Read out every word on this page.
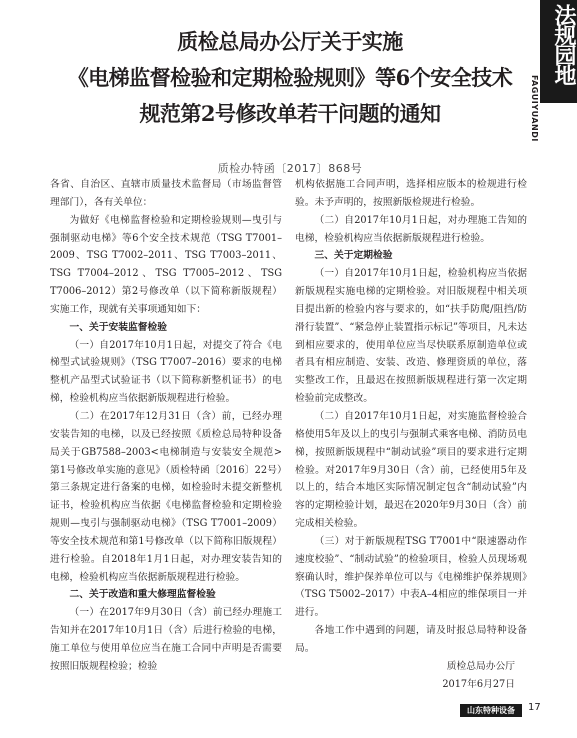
法规园地
FAGUIYUANDI
质检总局办公厅关于实施
《电梯监督检验和定期检验规则》等6个安全技术
规范第2号修改单若干问题的通知
质检办特函〔2017〕868号

各省、自治区、直辖市质量技术监督局（市场监督管理部门），各有关单位：

为做好《电梯监督检验和定期检验规则—曳引与强制驱动电梯》等6个安全技术规范（TSG T7001–2009、TSG T7002–2011、TSG T7003–2011、TSG T7004–2012、TSG T7005–2012、TSG T7006–2012）第2号修改单（以下简称新版规程）实施工作，现就有关事项通知如下：

一、关于安装监督检验

（一）自2017年10月1日起，对提交了符合《电梯型式试验规则》（TSG T7007–2016）要求的电梯整机产品型式试验证书（以下简称新整机证书）的电梯，检验机构应当依据新版规程进行检验。

（二）在2017年12月31日（含）前，已经办理安装告知的电梯，以及已经按照《质检总局特种设备局关于GB7588–2003<电梯制造与安装安全规范>第1号修改单实施的意见》（质检特函〔2016〕22号）第三条规定进行备案的电梯，如检验时未提交新整机证书，检验机构应当依据《电梯监督检验和定期检验规则—曳引与强制驱动电梯》（TSG T7001–2009）等安全技术规范和第1号修改单（以下简称旧版规程）进行检验。自2018年1月1日起，对办理安装告知的电梯，检验机构应当依据新版规程进行检验。

二、关于改造和重大修理监督检验

（一）在2017年9月30日（含）前已经办理施工告知并在2017年10月1日（含）后进行检验的电梯，施工单位与使用单位应当在施工合同中声明是否需要按照旧版规程检验；检验

机构依据施工合同声明，选择相应版本的检规进行检验。未予声明的，按照新版检规进行检验。

（二）自2017年10月1日起，对办理施工告知的电梯，检验机构应当依据新版规程进行检验。

三、关于定期检验

（一）自2017年10月1日起，检验机构应当依据新版规程实施电梯的定期检验。对旧版规程中相关项目提出新的检验内容与要求的，如“扶手防爬/阻挡/防滑行装置”、“紧急停止装置指示标记”等项目，凡未达到相应要求的，使用单位应当尽快联系原制造单位或者具有相应制造、安装、改造、修理资质的单位，落实整改工作，且最迟在按照新版规程进行第一次定期检验前完成整改。

（二）自2017年10月1日起，对实施监督检验合格使用5年及以上的曳引与强制式乘客电梯、消防员电梯，按照新版规程中“制动试验”项目的要求进行定期检验。对2017年9月30日（含）前，已经使用5年及以上的，结合本地区实际情况制定包含“制动试验”内容的定期检验计划，最迟在2020年9月30日（含）前完成相关检验。

（三）对于新版规程TSG T7001中“限速器动作速度校验”、“制动试验”的检验项目，检验人员现场观察确认时，维护保养单位可以与《电梯维护保养规则》（TSG T5002–2017）中表A–4相应的维保项目一并进行。

各地工作中遇到的问题，请及时报总局特种设备局。

质检总局办公厅

2017年6月27日

山东特种设备	17
